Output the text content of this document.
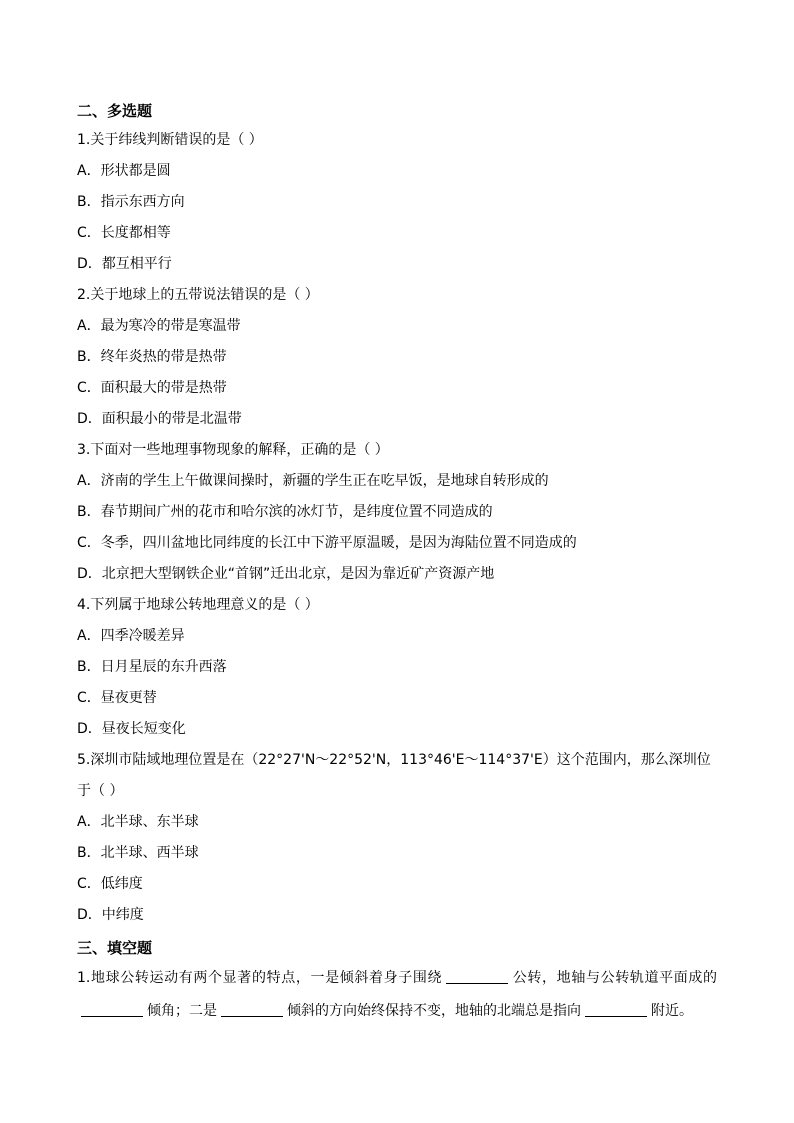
二、多选题
1.关于纬线判断错误的是（ ）
A．形状都是圆
B．指示东西方向
C．长度都相等
D．都互相平行
2.关于地球上的五带说法错误的是（ ）
A．最为寒冷的带是寒温带
B．终年炎热的带是热带
C．面积最大的带是热带
D．面积最小的带是北温带
3.下面对一些地理事物现象的解释，正确的是（ ）
A．济南的学生上午做课间操时，新疆的学生正在吃早饭，是地球自转形成的
B．春节期间广州的花市和哈尔滨的冰灯节，是纬度位置不同造成的
C．冬季，四川盆地比同纬度的长江中下游平原温暖，是因为海陆位置不同造成的
D．北京把大型钢铁企业“首钢”迁出北京，是因为靠近矿产资源产地
4.下列属于地球公转地理意义的是（ ）
A．四季冷暖差异
B．日月星辰的东升西落
C．昼夜更替
D．昼夜长短变化
5.深圳市陆域地理位置是在（22°27'N～22°52'N，113°46'E～114°37'E）这个范围内，那么深圳位于（ ）
A．北半球、东半球
B．北半球、西半球
C．低纬度
D．中纬度
三、填空题
1.地球公转运动有两个显著的特点，一是倾斜着身子围绕	公转，地轴与公转轨道平面成的倾角；二是	倾斜的方向始终保持不变，地轴的北端总是指向	附近。
